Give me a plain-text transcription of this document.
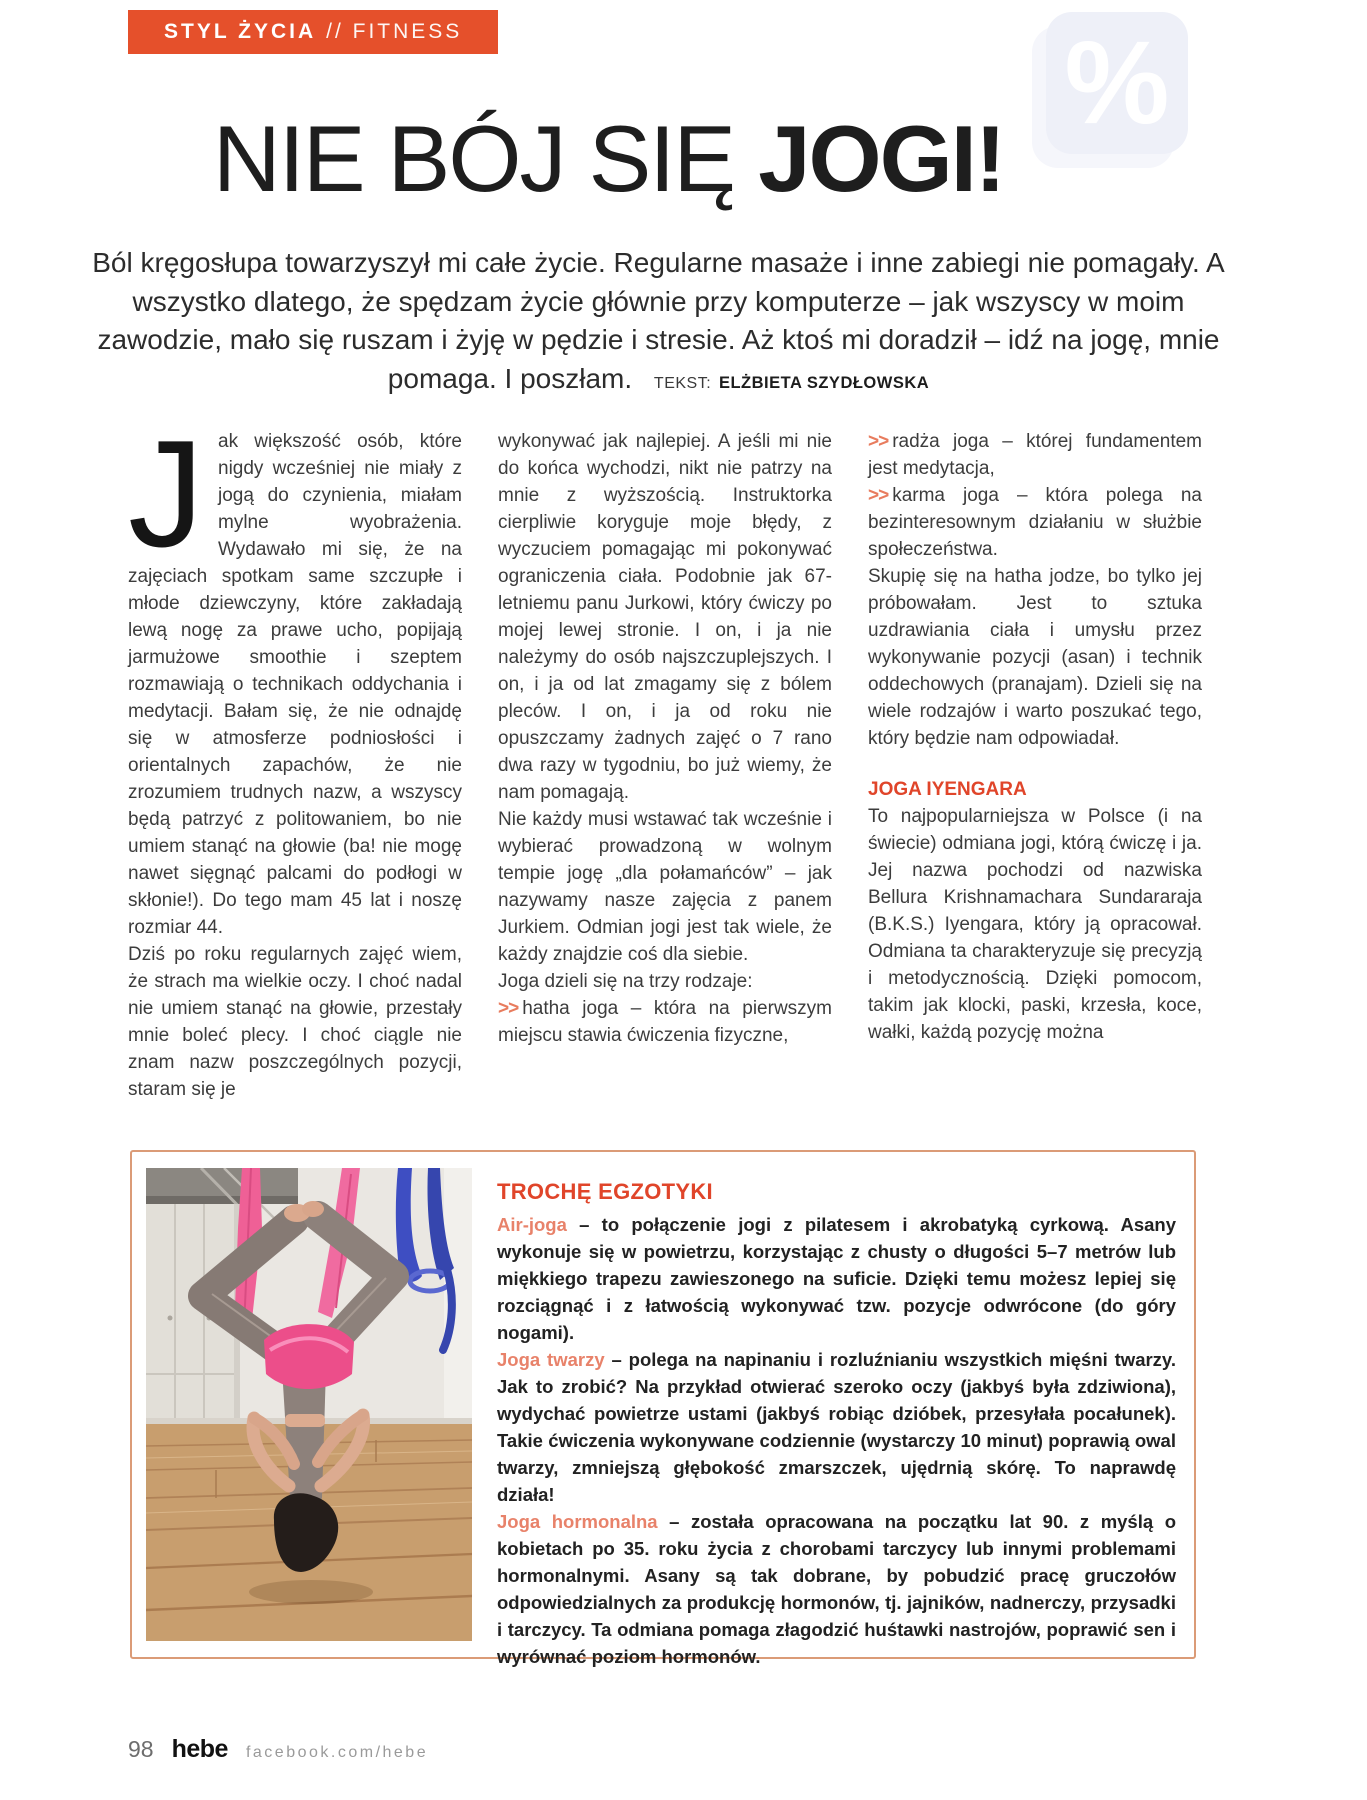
STYL ŻYCIA // FITNESS	%
NIE BÓJ SIĘ JOGI!
Ból kręgosłupa towarzyszył mi całe życie. Regularne masaże i inne zabiegi nie pomagały. A wszystko dlatego, że spędzam życie głównie przy komputerze – jak wszyscy w moim zawodzie, mało się ruszam i żyję w pędzie i stresie. Aż ktoś mi doradził – idź na jogę, mnie pomaga. I poszłam. TEKST: ELŻBIETA SZYDŁOWSKA

Jak większość osób, które nigdy wcześniej nie miały z jogą do czynienia, miałam mylne wyobrażenia. Wydawało mi się, że na zajęciach spotkam same szczupłe i młode dziewczyny, które zakładają lewą nogę za prawe ucho, popijają jarmużowe smoothie i szeptem rozmawiają o technikach oddychania i medytacji. Bałam się, że nie odnajdę się w atmosferze podniosłości i orientalnych zapachów, że nie zrozumiem trudnych nazw, a wszyscy będą patrzyć z politowaniem, bo nie umiem stanąć na głowie (ba! nie mogę nawet sięgnąć palcami do podłogi w skłonie!). Do tego mam 45 lat i noszę rozmiar 44.

Dziś po roku regularnych zajęć wiem, że strach ma wielkie oczy. I choć nadal nie umiem stanąć na głowie, przestały mnie boleć plecy. I choć ciągle nie znam nazw poszczególnych pozycji, staram się je

wykonywać jak najlepiej. A jeśli mi nie do końca wychodzi, nikt nie patrzy na mnie z wyższością. Instruktorka cierpliwie koryguje moje błędy, z wyczuciem pomagając mi pokonywać ograniczenia ciała. Podobnie jak 67-letniemu panu Jurkowi, który ćwiczy po mojej lewej stronie. I on, i ja nie należymy do osób najszczuplejszych. I on, i ja od lat zmagamy się z bólem pleców. I on, i ja od roku nie opuszczamy żadnych zajęć o 7 rano dwa razy w tygodniu, bo już wiemy, że nam pomagają.

Nie każdy musi wstawać tak wcześnie i wybierać prowadzoną w wolnym tempie jogę „dla połamańców” – jak nazywamy nasze zajęcia z panem Jurkiem. Odmian jogi jest tak wiele, że każdy znajdzie coś dla siebie.

Joga dzieli się na trzy rodzaje:

>> hatha joga – która na pierwszym miejscu stawia ćwiczenia fizyczne,

>> radża joga – której fundamentem jest medytacja,

>> karma joga – która polega na bezinteresownym działaniu w służbie społeczeństwa.

Skupię się na hatha jodze, bo tylko jej próbowałam. Jest to sztuka uzdrawiania ciała i umysłu przez wykonywanie pozycji (asan) i technik oddechowych (pranajam). Dzieli się na wiele rodzajów i warto poszukać tego, który będzie nam odpowiadał.

JOGA IYENGARA

To najpopularniejsza w Polsce (i na świecie) odmiana jogi, którą ćwiczę i ja. Jej nazwa pochodzi od nazwiska Bellura Krishnamachara Sundararaja (B.K.S.) Iyengara, który ją opracował. Odmiana ta charakteryzuje się precyzją i metodycznością. Dzięki pomocom, takim jak klocki, paski, krzesła, koce, wałki, każdą pozycję można

TROCHĘ EGZOTYKI

Air-joga – to połączenie jogi z pilatesem i akrobatyką cyrkową. Asany wykonuje się w powietrzu, korzystając z chusty o długości 5–7 metrów lub miękkiego trapezu zawieszonego na suficie. Dzięki temu możesz lepiej się rozciągnąć i z łatwością wykonywać tzw. pozycje odwrócone (do góry nogami).

Joga twarzy – polega na napinaniu i rozluźnianiu wszystkich mięśni twarzy. Jak to zrobić? Na przykład otwierać szeroko oczy (jakbyś była zdziwiona), wydychać powietrze ustami (jakbyś robiąc dzióbek, przesyłała pocałunek). Takie ćwiczenia wykonywane codziennie (wystarczy 10 minut) poprawią owal twarzy, zmniejszą głębokość zmarszczek, ujędrnią skórę. To naprawdę działa!

Joga hormonalna – została opracowana na początku lat 90. z myślą o kobietach po 35. roku życia z chorobami tarczycy lub innymi problemami hormonalnymi. Asany są tak dobrane, by pobudzić pracę gruczołów odpowiedzialnych za produkcję hormonów, tj. jajników, nadnerczy, przysadki i tarczycy. Ta odmiana pomaga złagodzić huśtawki nastrojów, poprawić sen i wyrównać poziom hormonów.

98 hebe facebook.com/hebe
